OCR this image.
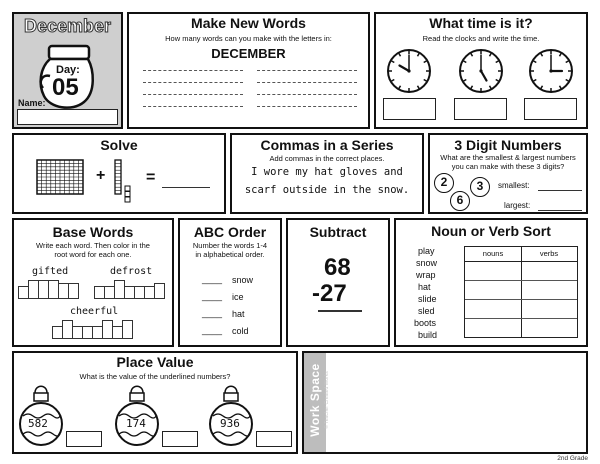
December
Day:
05
Name:
Make New Words
How many words can you make with the letters in:
DECEMBER
What time is it?
Read the clocks and write the time.
Solve
+	=
Commas in a Series
Add commas in the correct places.
I wore my hat gloves and
scarf outside in the snow.
3 Digit Numbers
What are the smallest & largest numbers
you can make with these 3 digits?
2	3
6
smallest:
largest:
Base Words
Write each word. Then color in the
root word for each one.
gifted	defrost
cheerful
ABC Order
Number the words 1-4
in alphabetical order.
____ snow
____ ice
____ hat
____ cold
Subtract
68
-27
Noun or Verb Sort
play
snow
wrap
hat
slide
sled
boots
build
nouns	verbs
Place Value
What is the value of the underlined numbers?
582	174	936	Work Space © Teacher Created Works
2nd Grade
